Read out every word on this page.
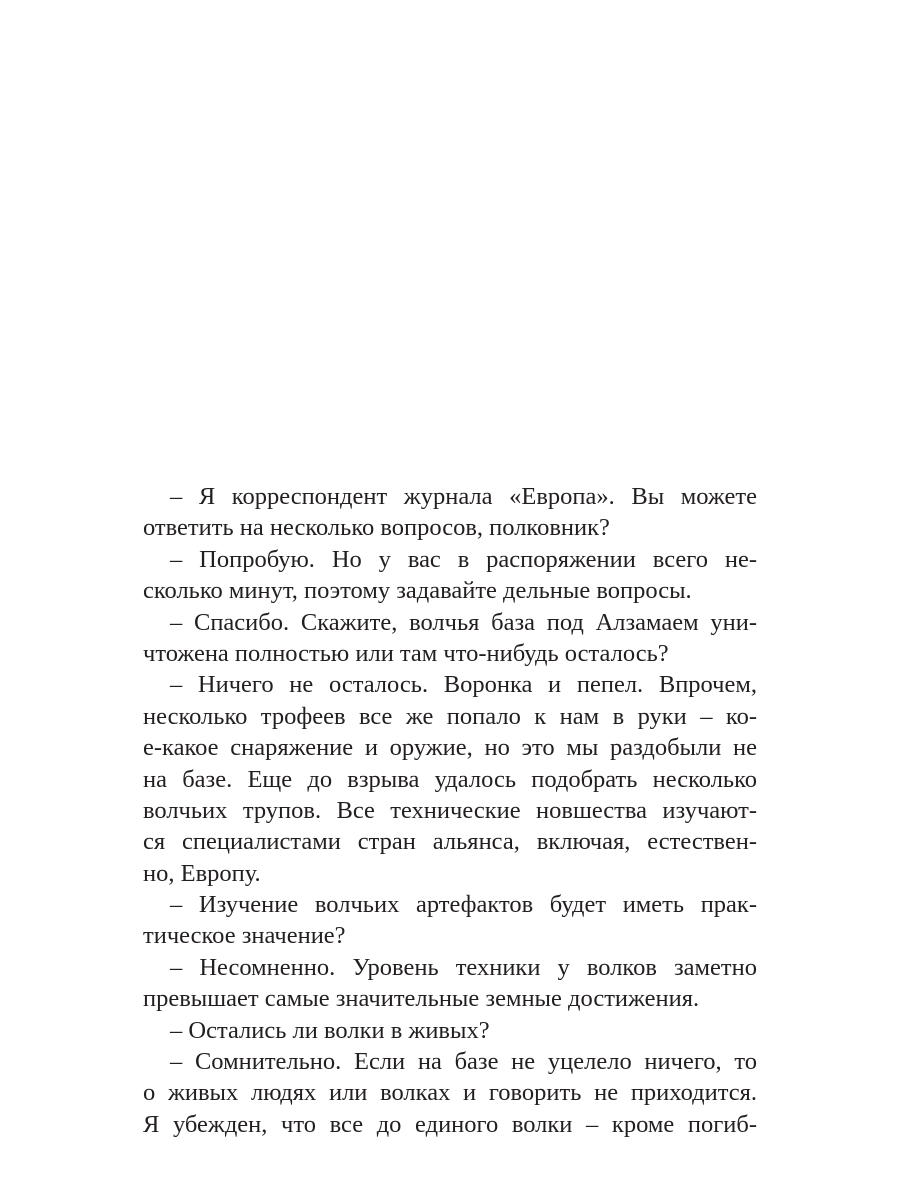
– Я корреспондент журнала «Европа». Вы можете
ответить на несколько вопросов, полковник?
– Попробую. Но у вас в распоряжении всего не-
сколько минут, поэтому задавайте дельные вопросы.
– Спасибо. Скажите, волчья база под Алзамаем уни-
чтожена полностью или там что-нибудь осталось?
– Ничего не осталось. Воронка и пепел. Впрочем,
несколько трофеев все же попало к нам в руки – ко-
е-какое снаряжение и оружие, но это мы раздобыли не
на базе. Еще до взрыва удалось подобрать несколько
волчьих трупов. Все технические новшества изучают-
ся специалистами стран альянса, включая, естествен-
но, Европу.
– Изучение волчьих артефактов будет иметь прак-
тическое значение?
– Несомненно. Уровень техники у волков заметно
превышает самые значительные земные достижения.
– Остались ли волки в живых?
– Сомнительно. Если на базе не уцелело ничего, то
о живых людях или волках и говорить не приходится.
Я убежден, что все до единого волки – кроме погиб-
